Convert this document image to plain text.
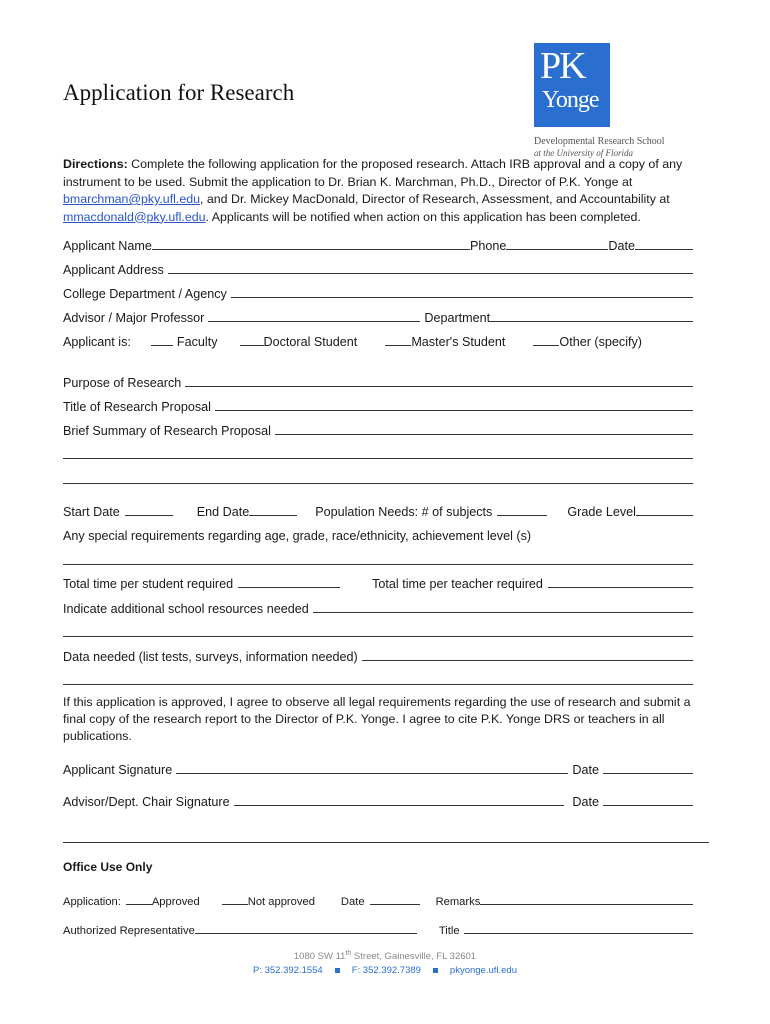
Application for Research
PK
Yonge
Developmental Research School
at the University of Florida
Directions: Complete the following application for the proposed research. Attach IRB approval and a copy of any instrument to be used. Submit the application to Dr. Brian K. Marchman, Ph.D., Director of P.K. Yonge at bmarchman@pky.ufl.edu, and Dr. Mickey MacDonald, Director of Research, Assessment, and Accountability at mmacdonald@pky.ufl.edu. Applicants will be notified when action on this application has been completed.
Applicant Name	Phone	Date
Applicant Address
College Department / Agency
Advisor / Major Professor	Department
Applicant is:	Faculty	Doctoral Student	Master's Student	Other (specify)
Purpose of Research
Title of Research Proposal
Brief Summary of Research Proposal
Start Date	End Date	Population Needs: # of subjects	Grade Level
Any special requirements regarding age, grade, race/ethnicity, achievement level (s)
Total time per student required	Total time per teacher required
Indicate additional school resources needed
Data needed (list tests, surveys, information needed)
If this application is approved, I agree to observe all legal requirements regarding the use of research and submit a final copy of the research report to the Director of P.K. Yonge. I agree to cite P.K. Yonge DRS or teachers in all publications.
Applicant Signature	Date
Advisor/Dept. Chair Signature	Date
Office Use Only
Application:	Approved	Not approved Date	Remarks
Authorized Representative	Title
1080 SW 11th Street, Gainesville, FL 32601
P: 352.392.1554	F: 352.392.7389	pkyonge.ufl.edu
